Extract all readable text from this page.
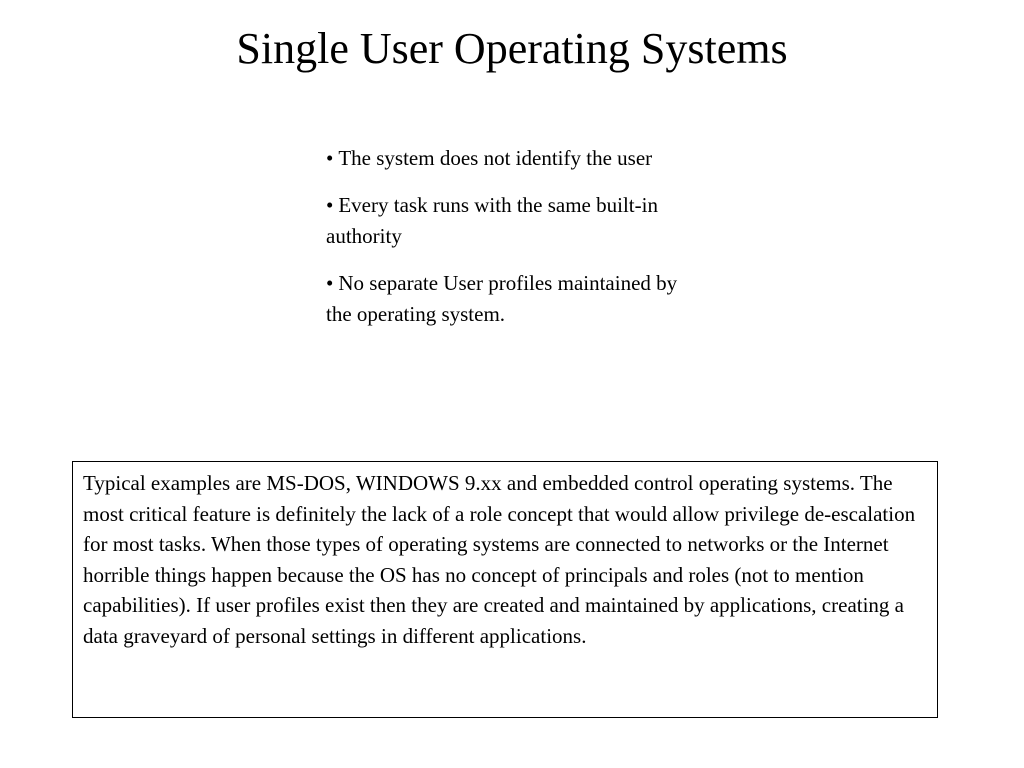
Single User Operating Systems
• The system does not identify the user
• Every task runs with the same built-in authority
• No separate User profiles maintained by the operating system.
Typical examples are MS-DOS, WINDOWS 9.xx and embedded control operating systems. The most critical feature is definitely the lack of a role concept that would allow privilege de-escalation for most tasks. When those types of operating systems are connected to networks or the Internet horrible things happen because the OS has no concept of principals and roles (not to mention capabilities). If user profiles exist then they are created and maintained by applications, creating a data graveyard of personal settings in different applications.
